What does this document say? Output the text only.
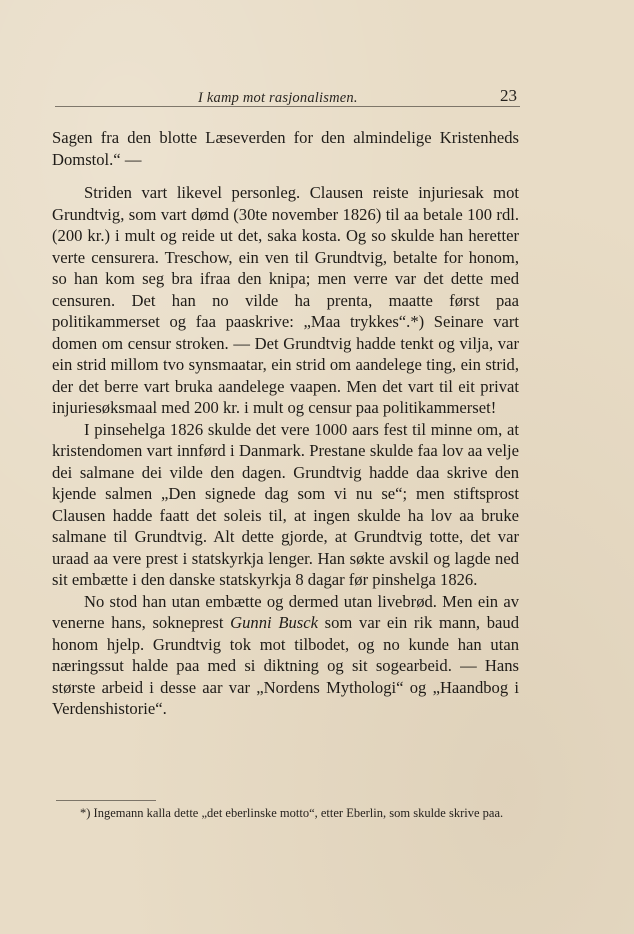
I kamp mot rasjonalismen.	23

Sagen fra den blotte Læseverden for den almindelige Kristenheds Domstol.“ —

Striden vart likevel personleg. Clausen reiste injuriesak mot Grundtvig, som vart dømd (30te november 1826) til aa betale 100 rdl. (200 kr.) i mult og reide ut det, saka kosta. Og so skulde han heretter verte censurera. Treschow, ein ven til Grundtvig, betalte for honom, so han kom seg bra ifraa den knipa; men verre var det dette med censuren. Det han no vilde ha prenta, maatte først paa politikammerset og faa paaskrive: „Maa trykkes“.*) Seinare vart domen om censur stroken. — Det Grundtvig hadde tenkt og vilja, var ein strid millom tvo synsmaatar, ein strid om aandelege ting, ein strid, der det berre vart bruka aandelege vaapen. Men det vart til eit privat injuriesøksmaal med 200 kr. i mult og censur paa politikammerset!

I pinsehelga 1826 skulde det vere 1000 aars fest til minne om, at kristendomen vart innførd i Danmark. Prestane skulde faa lov aa velje dei salmane dei vilde den dagen. Grundtvig hadde daa skrive den kjende salmen „Den signede dag som vi nu se“; men stiftsprost Clausen hadde faatt det soleis til, at ingen skulde ha lov aa bruke salmane til Grundtvig. Alt dette gjorde, at Grundtvig totte, det var uraad aa vere prest i statskyrkja lenger. Han søkte avskil og lagde ned sit embætte i den danske statskyrkja 8 dagar før pinshelga 1826.

No stod han utan embætte og dermed utan livebrød. Men ein av venerne hans, sokneprest Gunni Busck som var ein rik mann, baud honom hjelp. Grundtvig tok mot tilbodet, og no kunde han utan næringssut halde paa med si diktning og sit sogearbeid. — Hans største arbeid i desse aar var „Nordens Mythologi“ og „Haandbog i Verdenshistorie“.

*) Ingemann kalla dette „det eberlinske motto“, etter Eberlin, som skulde skrive paa.
